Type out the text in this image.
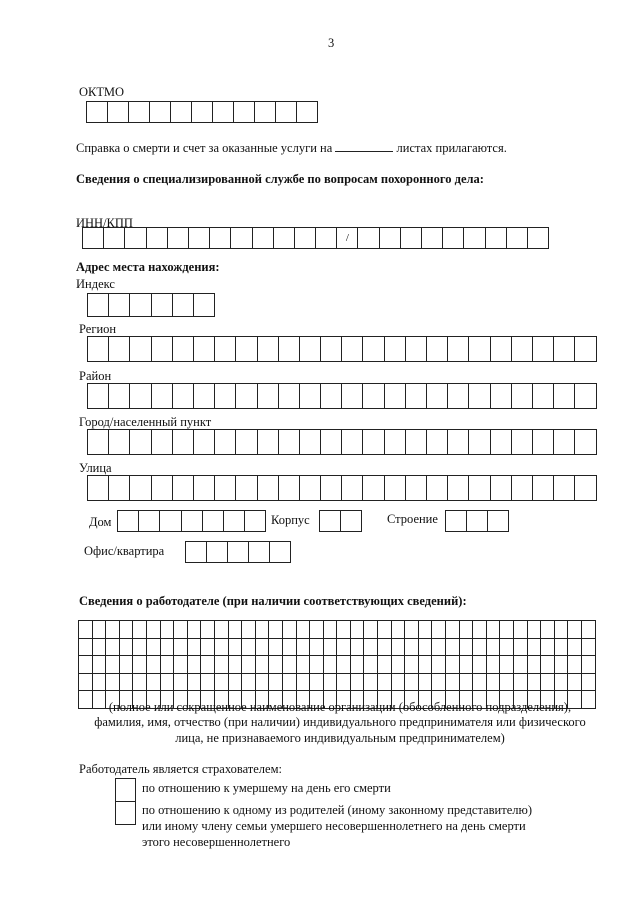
3
ОКТМО
Справка о смерти и счет за оказанные услуги на	листах прилагаются.
Сведения о специализированной службе по вопросам похоронного дела:
ИНН/КПП
/
Адрес места нахождения:
Индекс
Регион
Район
Город/населенный пункт
Улица
Дом	Корпус	Строение
Офис/квартира
Сведения о работодателе (при наличии соответствующих сведений):
(полное или сокращенное наименование организации (обособленного подразделения),
фамилия, имя, отчество (при наличии) индивидуального предпринимателя или физического
лица, не признаваемого индивидуальным предпринимателем)
Работодатель является страхователем:
по отношению к умершему на день его смерти
по отношению к одному из родителей (иному законному представителю)
или иному члену семьи умершего несовершеннолетнего на день смерти
этого несовершеннолетнего
